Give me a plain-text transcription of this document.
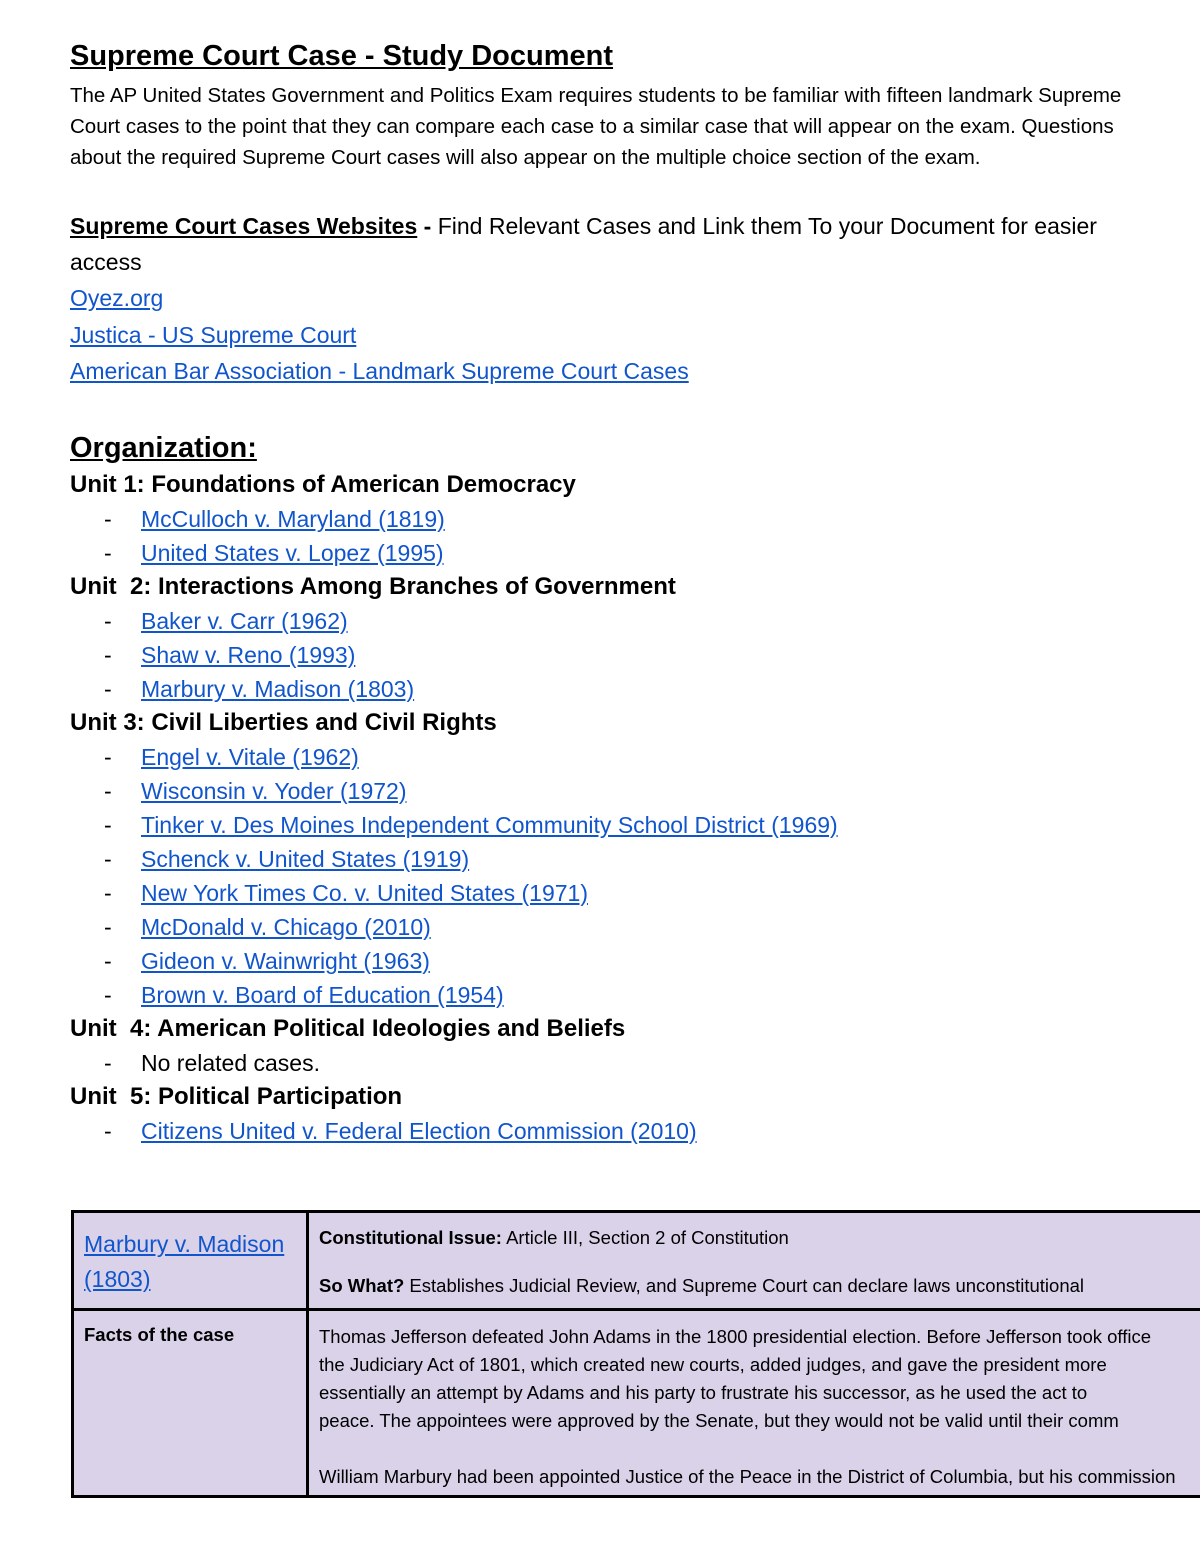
Supreme Court Case - Study Document

The AP United States Government and Politics Exam requires students to be familiar with fifteen landmark Supreme Court cases to the point that they can compare each case to a similar case that will appear on the exam. Questions about the required Supreme Court cases will also appear on the multiple choice section of the exam.

Supreme Court Cases Websites - Find Relevant Cases and Link them To your Document for easier access
Oyez.org
Justica - US Supreme Court
American Bar Association - Landmark Supreme Court Cases
Organization:
Unit 1: Foundations of American Democracy
- McCulloch v. Maryland (1819)
- United States v. Lopez (1995)
Unit  2: Interactions Among Branches of Government
- Baker v. Carr (1962)
- Shaw v. Reno (1993)
- Marbury v. Madison (1803)
Unit 3: Civil Liberties and Civil Rights
- Engel v. Vitale (1962)
- Wisconsin v. Yoder (1972)
- Tinker v. Des Moines Independent Community School District (1969)
- Schenck v. United States (1919)
- New York Times Co. v. United States (1971)
- McDonald v. Chicago (2010)
- Gideon v. Wainwright (1963)
- Brown v. Board of Education (1954)
Unit  4: American Political Ideologies and Beliefs
- No related cases.
Unit  5: Political Participation
- Citizens United v. Federal Election Commission (2010)
Marbury v. Madison (1803)	Constitutional Issue: Article III, Section 2 of Constitution

So What? Establishes Judicial Review, and Supreme Court can declare laws unconstitutional

Facts of the case	Thomas Jefferson defeated John Adams in the 1800 presidential election. Before Jefferson took office
the Judiciary Act of 1801, which created new courts, added judges, and gave the president more
essentially an attempt by Adams and his party to frustrate his successor, as he used the act to
peace. The appointees were approved by the Senate, but they would not be valid until their comm

William Marbury had been appointed Justice of the Peace in the District of Columbia, but his commission
